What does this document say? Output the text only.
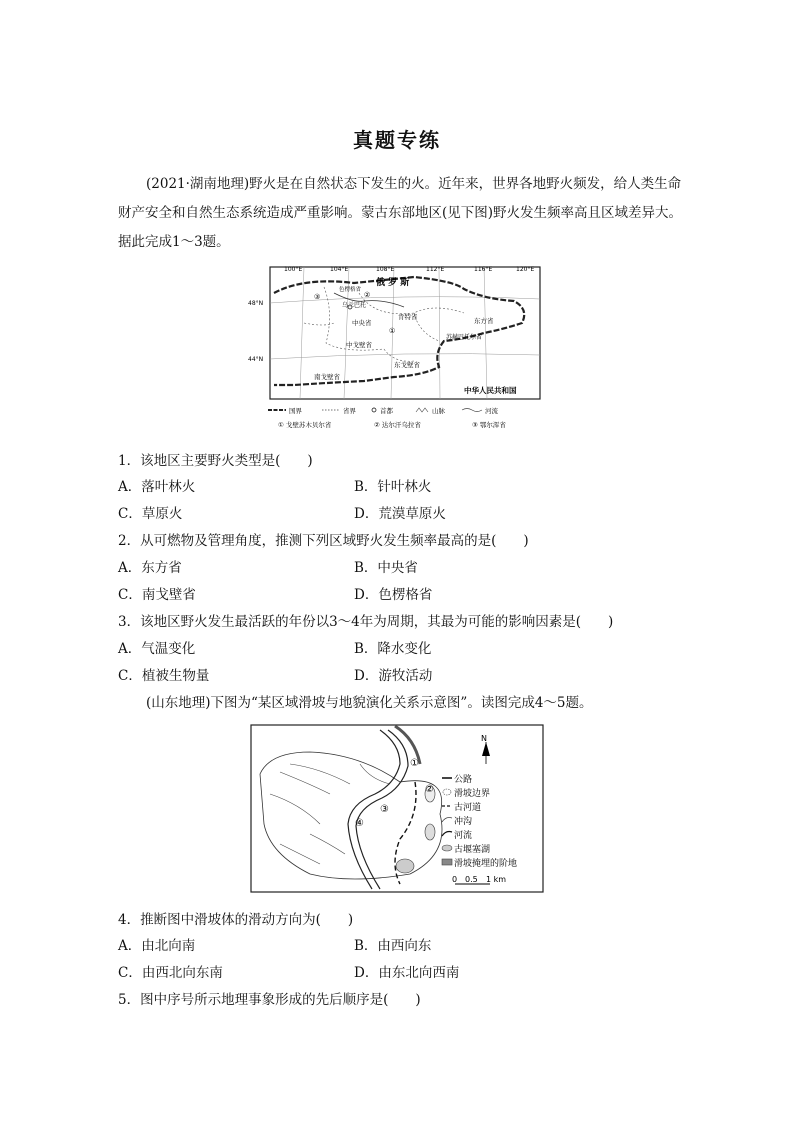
真题专练
(2021·湖南地理)野火是在自然状态下发生的火。近年来，世界各地野火频发，给人类生命财产安全和自然生态系统造成严重影响。蒙古东部地区(见下图)野火发生频率高且区域差异大。据此完成1～3题。
100°E	104°E	108°E	112°E	116°E	120°E
48°N
44°N
俄 罗 斯
中华人民共和国
色楞格省
乌兰巴托
中央省
肯特省	东方省
苏赫巴托尔省
中戈壁省
东戈壁省
南戈壁省
③	②
①
国界	省界	首都	山脉	河流
① 戈壁苏木贝尔省	② 达尔汗乌拉省	③ 鄂尔浑省
1．该地区主要野火类型是(　　)
A．落叶林火	B．针叶林火
C．草原火	D．荒漠草原火
2．从可燃物及管理角度，推测下列区域野火发生频率最高的是(　　)
A．东方省	B．中央省
C．南戈壁省	D．色楞格省
3．该地区野火发生最活跃的年份以3～4年为周期，其最为可能的影响因素是(　　)
A．气温变化	B．降水变化
C．植被生物量	D．游牧活动
(山东地理)下图为“某区域滑坡与地貌演化关系示意图”。读图完成4～5题。
①
②
③
④
N
公路
滑坡边界
古河道
冲沟
河流
古堰塞湖
滑坡掩埋的阶地
0 0.5 1 km
4．推断图中滑坡体的滑动方向为(　　)
A．由北向南	B．由西向东
C．由西北向东南	D．由东北向西南
5．图中序号所示地理事象形成的先后顺序是(　　)
